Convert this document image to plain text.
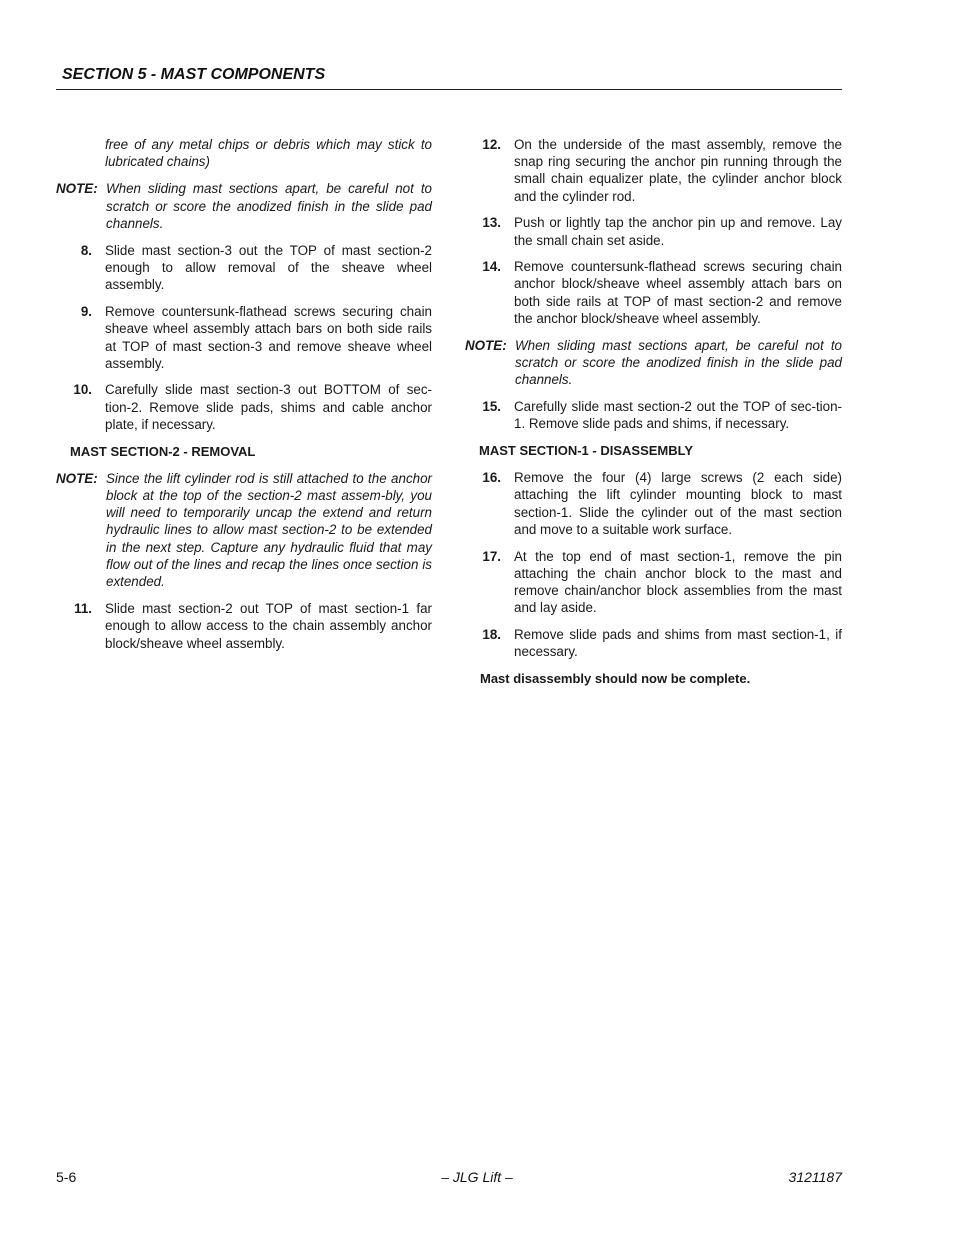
SECTION 5 - MAST COMPONENTS
free of any metal chips or debris which may stick to lubricated chains)
NOTE: When sliding mast sections apart, be careful not to scratch or score the anodized finish in the slide pad channels.
8. Slide mast section-3 out the TOP of mast section-2 enough to allow removal of the sheave wheel assembly.
9. Remove countersunk-flathead screws securing chain sheave wheel assembly attach bars on both side rails at TOP of mast section-3 and remove sheave wheel assembly.
10. Carefully slide mast section-3 out BOTTOM of sec-tion-2. Remove slide pads, shims and cable anchor plate, if necessary.
MAST SECTION-2 - REMOVAL
NOTE: Since the lift cylinder rod is still attached to the anchor block at the top of the section-2 mast assem-bly, you will need to temporarily uncap the extend and return hydraulic lines to allow mast section-2 to be extended in the next step. Capture any hydraulic fluid that may flow out of the lines and recap the lines once section is extended.
11. Slide mast section-2 out TOP of mast section-1 far enough to allow access to the chain assembly anchor block/sheave wheel assembly.
12. On the underside of the mast assembly, remove the snap ring securing the anchor pin running through the small chain equalizer plate, the cylinder anchor block and the cylinder rod.
13. Push or lightly tap the anchor pin up and remove. Lay the small chain set aside.
14. Remove countersunk-flathead screws securing chain anchor block/sheave wheel assembly attach bars on both side rails at TOP of mast section-2 and remove the anchor block/sheave wheel assembly.
NOTE: When sliding mast sections apart, be careful not to scratch or score the anodized finish in the slide pad channels.
15. Carefully slide mast section-2 out the TOP of sec-tion-1. Remove slide pads and shims, if necessary.
MAST SECTION-1 - DISASSEMBLY
16. Remove the four (4) large screws (2 each side) attaching the lift cylinder mounting block to mast section-1. Slide the cylinder out of the mast section and move to a suitable work surface.
17. At the top end of mast section-1, remove the pin attaching the chain anchor block to the mast and remove chain/anchor block assemblies from the mast and lay aside.
18. Remove slide pads and shims from mast section-1, if necessary.
Mast disassembly should now be complete.
5-6	– JLG Lift –	3121187
